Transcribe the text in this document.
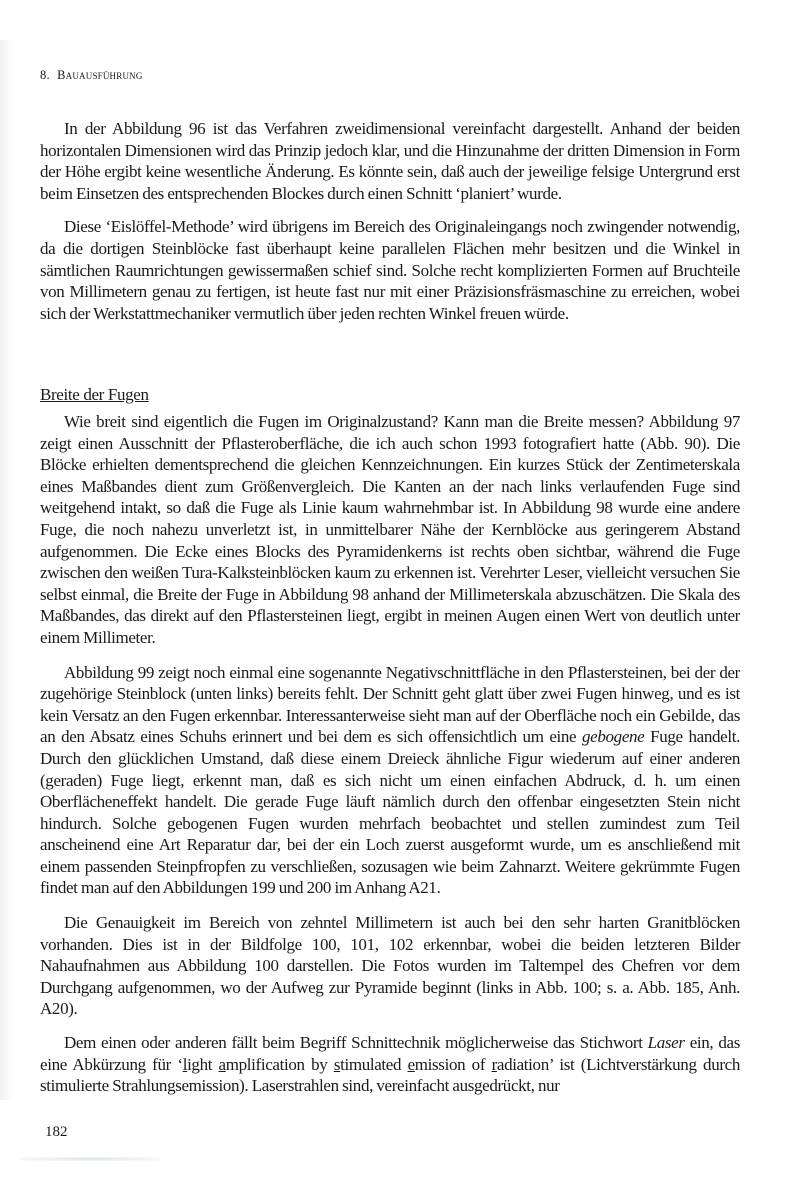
8. Bauausführung

In der Abbildung 96 ist das Verfahren zweidimensional vereinfacht dargestellt. Anhand der beiden horizontalen Dimensionen wird das Prinzip jedoch klar, und die Hinzunahme der dritten Dimension in Form der Höhe ergibt keine wesentliche Änderung. Es könnte sein, daß auch der jeweilige felsige Untergrund erst beim Einsetzen des entsprechenden Blockes durch einen Schnitt ‘planiert’ wurde.

Diese ‘Eislöffel-Methode’ wird übrigens im Bereich des Originaleingangs noch zwingender notwendig, da die dortigen Steinblöcke fast überhaupt keine parallelen Flächen mehr besitzen und die Winkel in sämtlichen Raumrichtungen gewissermaßen schief sind. Solche recht komplizierten Formen auf Bruchteile von Millimetern genau zu fertigen, ist heute fast nur mit einer Präzisionsfräsmaschine zu erreichen, wobei sich der Werkstattmechaniker vermutlich über jeden rechten Winkel freuen würde.

Breite der Fugen

Wie breit sind eigentlich die Fugen im Originalzustand? Kann man die Breite messen? Abbildung 97 zeigt einen Ausschnitt der Pflasteroberfläche, die ich auch schon 1993 fotografiert hatte (Abb. 90). Die Blöcke erhielten dementsprechend die gleichen Kennzeichnungen. Ein kurzes Stück der Zentimeterskala eines Maßbandes dient zum Größenvergleich. Die Kanten an der nach links verlaufenden Fuge sind weitgehend intakt, so daß die Fuge als Linie kaum wahrnehmbar ist. In Abbildung 98 wurde eine andere Fuge, die noch nahezu unverletzt ist, in unmittelbarer Nähe der Kernblöcke aus geringerem Abstand aufgenommen. Die Ecke eines Blocks des Pyramidenkerns ist rechts oben sichtbar, während die Fuge zwischen den weißen Tura-Kalksteinblöcken kaum zu erkennen ist. Verehrter Leser, vielleicht versuchen Sie selbst einmal, die Breite der Fuge in Abbildung 98 anhand der Millimeterskala abzuschätzen. Die Skala des Maßbandes, das direkt auf den Pflastersteinen liegt, ergibt in meinen Augen einen Wert von deutlich unter einem Millimeter.

Abbildung 99 zeigt noch einmal eine sogenannte Negativschnittfläche in den Pflastersteinen, bei der der zugehörige Steinblock (unten links) bereits fehlt. Der Schnitt geht glatt über zwei Fugen hinweg, und es ist kein Versatz an den Fugen erkennbar. Interessanterweise sieht man auf der Oberfläche noch ein Gebilde, das an den Absatz eines Schuhs erinnert und bei dem es sich offensichtlich um eine gebogene Fuge handelt. Durch den glücklichen Umstand, daß diese einem Dreieck ähnliche Figur wiederum auf einer anderen (geraden) Fuge liegt, erkennt man, daß es sich nicht um einen einfachen Abdruck, d. h. um einen Oberflächeneffekt handelt. Die gerade Fuge läuft nämlich durch den offenbar eingesetzten Stein nicht hindurch. Solche gebogenen Fugen wurden mehrfach beobachtet und stellen zumindest zum Teil anscheinend eine Art Reparatur dar, bei der ein Loch zuerst ausgeformt wurde, um es anschließend mit einem passenden Steinpfropfen zu verschließen, sozusagen wie beim Zahnarzt. Weitere gekrümmte Fugen findet man auf den Abbildungen 199 und 200 im Anhang A21.

Die Genauigkeit im Bereich von zehntel Millimetern ist auch bei den sehr harten Granitblöcken vorhanden. Dies ist in der Bildfolge 100, 101, 102 erkennbar, wobei die beiden letzteren Bilder Nahaufnahmen aus Abbildung 100 darstellen. Die Fotos wurden im Taltempel des Chefren vor dem Durchgang aufgenommen, wo der Aufweg zur Pyramide beginnt (links in Abb. 100; s. a. Abb. 185, Anh. A20).

Dem einen oder anderen fällt beim Begriff Schnittechnik möglicherweise das Stichwort Laser ein, das eine Abkürzung für ‘light amplification by stimulated emission of radiation’ ist (Lichtverstärkung durch stimulierte Strahlungsemission). Laserstrahlen sind, vereinfacht ausgedrückt, nur

182
